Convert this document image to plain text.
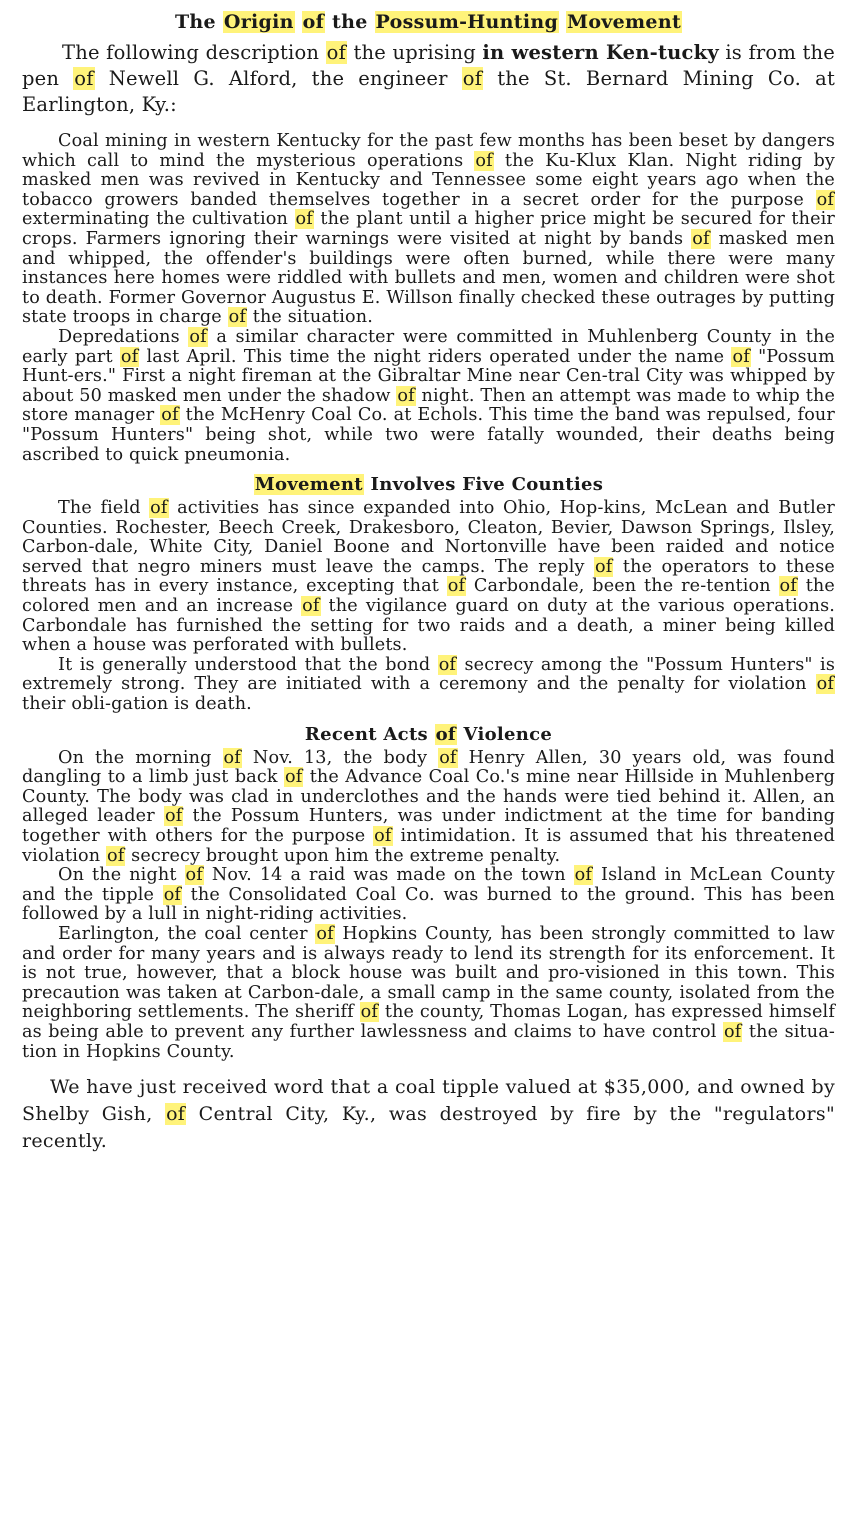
The Origin of the Possum-Hunting Movement

The following description of the uprising in western Ken-tucky is from the pen of Newell G. Alford, the engineer of the St. Bernard Mining Co. at Earlington, Ky.:

Coal mining in western Kentucky for the past few months has been beset by dangers which call to mind the mysterious operations of the Ku-Klux Klan. Night riding by masked men was revived in Kentucky and Tennessee some eight years ago when the tobacco growers banded themselves together in a secret order for the purpose of exterminating the cultivation of the plant until a higher price might be secured for their crops. Farmers ignoring their warnings were visited at night by bands of masked men and whipped, the offender's buildings were often burned, while there were many instances here homes were riddled with bullets and men, women and children were shot to death. Former Governor Augustus E. Willson finally checked these outrages by putting state troops in charge of the situation.

Depredations of a similar character were committed in Muhlenberg County in the early part of last April. This time the night riders operated under the name of "Possum Hunt-ers." First a night fireman at the Gibraltar Mine near Cen-tral City was whipped by about 50 masked men under the shadow of night. Then an attempt was made to whip the store manager of the McHenry Coal Co. at Echols. This time the band was repulsed, four "Possum Hunters" being shot, while two were fatally wounded, their deaths being ascribed to quick pneumonia.

Movement Involves Five Counties

The field of activities has since expanded into Ohio, Hop-kins, McLean and Butler Counties. Rochester, Beech Creek, Drakesboro, Cleaton, Bevier, Dawson Springs, Ilsley, Carbon-dale, White City, Daniel Boone and Nortonville have been raided and notice served that negro miners must leave the camps. The reply of the operators to these threats has in every instance, excepting that of Carbondale, been the re-tention of the colored men and an increase of the vigilance guard on duty at the various operations. Carbondale has furnished the setting for two raids and a death, a miner being killed when a house was perforated with bullets.

It is generally understood that the bond of secrecy among the "Possum Hunters" is extremely strong. They are initiated with a ceremony and the penalty for violation of their obli-gation is death.

Recent Acts of Violence

On the morning of Nov. 13, the body of Henry Allen, 30 years old, was found dangling to a limb just back of the Advance Coal Co.'s mine near Hillside in Muhlenberg County. The body was clad in underclothes and the hands were tied behind it. Allen, an alleged leader of the Possum Hunters, was under indictment at the time for banding together with others for the purpose of intimidation. It is assumed that his threatened violation of secrecy brought upon him the extreme penalty.

On the night of Nov. 14 a raid was made on the town of Island in McLean County and the tipple of the Consolidated Coal Co. was burned to the ground. This has been followed by a lull in night-riding activities.

Earlington, the coal center of Hopkins County, has been strongly committed to law and order for many years and is always ready to lend its strength for its enforcement. It is not true, however, that a block house was built and pro-visioned in this town. This precaution was taken at Carbon-dale, a small camp in the same county, isolated from the neighboring settlements. The sheriff of the county, Thomas Logan, has expressed himself as being able to prevent any further lawlessness and claims to have control of the situa-tion in Hopkins County.

We have just received word that a coal tipple valued at $35,000, and owned by Shelby Gish, of Central City, Ky., was destroyed by fire by the "regulators" recently.
